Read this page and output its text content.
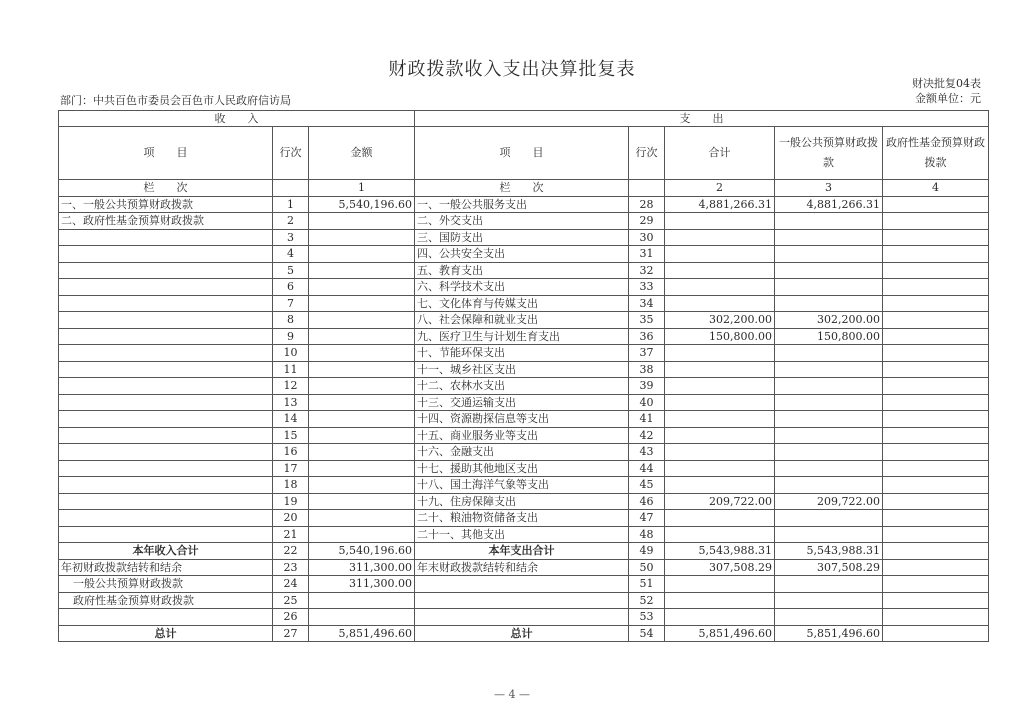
财政拨款收入支出决算批复表
财决批复04表
部门：中共百色市委员会百色市人民政府信访局	金额单位：元
收　　入			支　　出				
项　　目	行次	金额	项　　目	行次	合计	一般公共预算财政拨款	政府性基金预算财政拨款
栏　　次		1	栏　　次		2	3	4
一、一般公共预算财政拨款	1	5,540,196.60	一、一般公共服务支出	28	4,881,266.31	4,881,266.31	
二、政府性基金预算财政拨款	2		二、外交支出	29			
	3		三、国防支出	30			
	4		四、公共安全支出	31			
	5		五、教育支出	32			
	6		六、科学技术支出	33			
	7		七、文化体育与传媒支出	34			
	8		八、社会保障和就业支出	35	302,200.00	302,200.00	
	9		九、医疗卫生与计划生育支出	36	150,800.00	150,800.00	
	10		十、节能环保支出	37			
	11		十一、城乡社区支出	38			
	12		十二、农林水支出	39			
	13		十三、交通运输支出	40			
	14		十四、资源勘探信息等支出	41			
	15		十五、商业服务业等支出	42			
	16		十六、金融支出	43			
	17		十七、援助其他地区支出	44			
	18		十八、国土海洋气象等支出	45			
	19		十九、住房保障支出	46	209,722.00	209,722.00	
	20		二十、粮油物资储备支出	47			
	21		二十一、其他支出	48			
本年收入合计	22	5,540,196.60	本年支出合计	49	5,543,988.31	5,543,988.31	
年初财政拨款结转和结余	23	311,300.00	年末财政拨款结转和结余	50	307,508.29	307,508.29	
一般公共预算财政拨款	24	311,300.00		51			
政府性基金预算财政拨款	25			52			
	26			53			
总计	27	5,851,496.60	总计	54	5,851,496.60	5,851,496.60	
— 4 —
